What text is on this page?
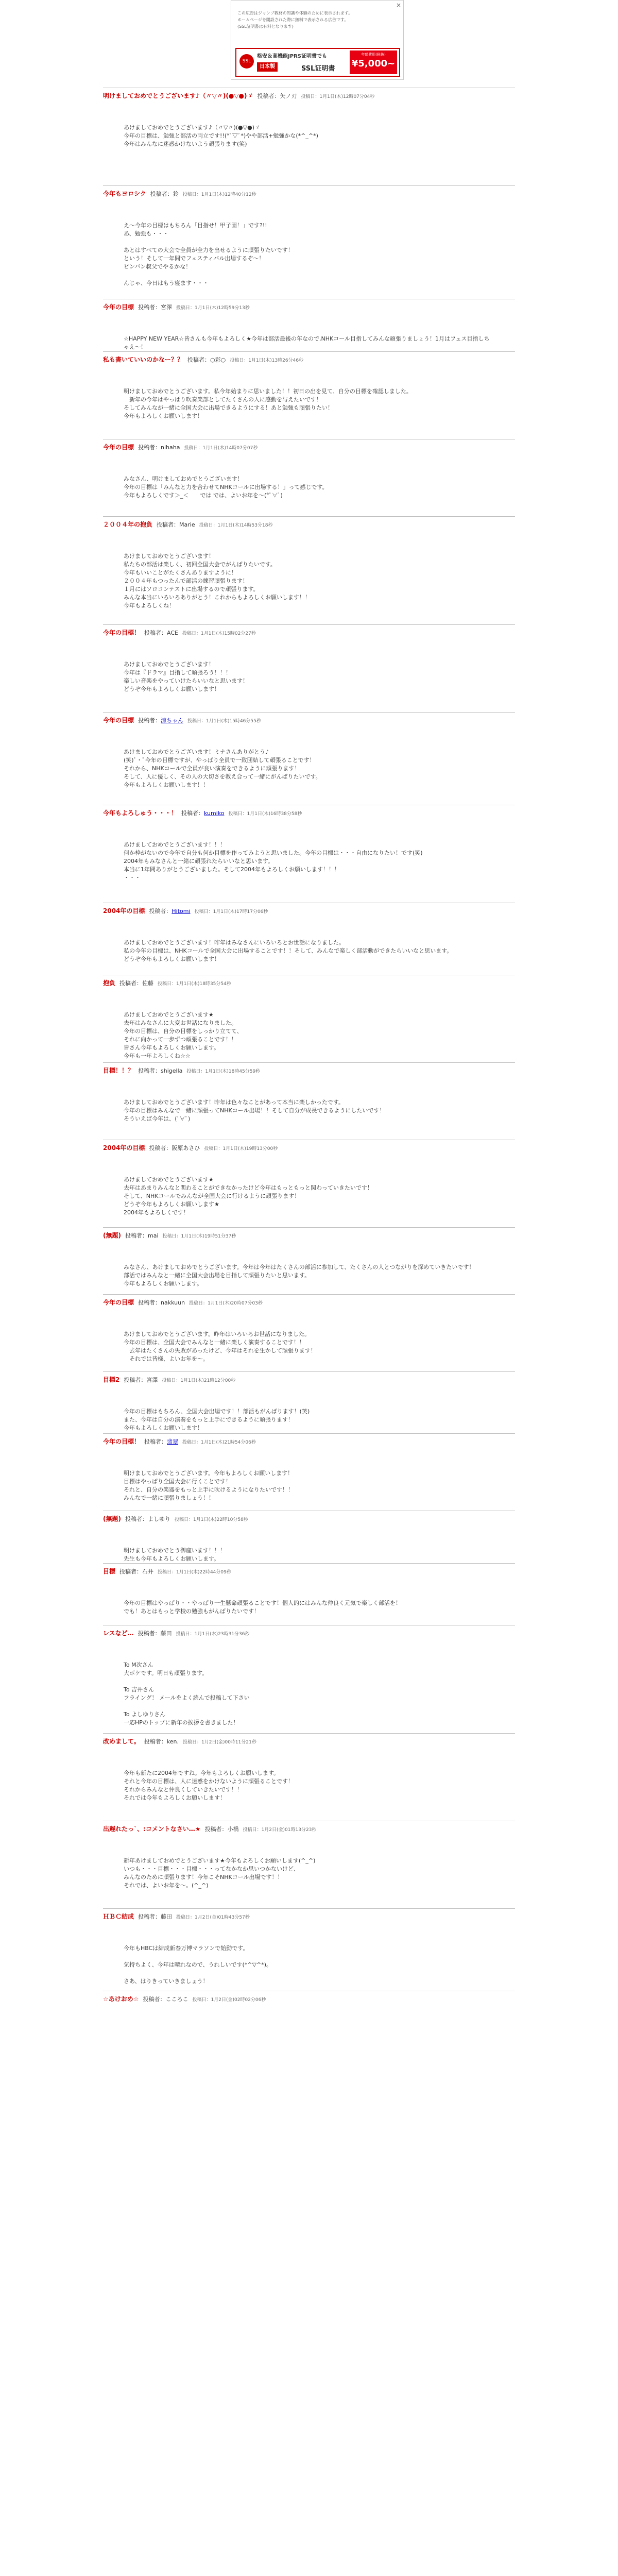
×
この広告はジャンプ教材の知識や体験のために表示されます。
ホームページを開設された際に無料で表示される広告です。
(SSL証明書は有料となります)
SSL
格安＆高機能JPRS证明書でも
日本製	SSL证明書
年額費用(税抜)
¥5,000~
明けましておめでとうございます♪（〃▽〃)(●▽●)ゞ 投稿者：矢ノ刃 投稿日：1月1日(木)12時07分04秒
あけましておめでとうございます♪（〃▽〃)(●▽●)ゞ
今年の目標は、勉強と部活の両立です!!(*ﾟ▽ﾟ*)やや部活+勉強かな(*^_^*)
今年はみんなに迷惑かけないよう頑張ります(笑)
今年もヨロシク 投稿者：鈴 投稿日：1月1日(木)12時40分12秒
え～今年の目標はもちろん「目指せ！甲子園！」です?!!
あ、勉強も・・・

あとはすべての大会で全員が全力を出せるように頑張りたいです！
という！そして一年間でフェスティバル出場するぞ～！
ピンバン叔父でやるかな！

んじゃ、今日はもう寝ます・・・
今年の目標 投稿者：宮澤 投稿日：1月1日(木)12時59分13秒
☆HAPPY NEW YEAR☆皆さんも今年もよろしく★今年は部活最後の年なので,NHKコール目指してみんな頑張りましょう！1月はフェス目指しちゃえ～！
私も書いていいのかなー？？ 投稿者：○彩○ 投稿日：1月1日(木)13時26分46秒
明けましておめでとうございます。私今年始まりに思いました！！初日の出を見て、自分の目標を確認しました。
　新年の今年はやっぱり吹奏楽部としてたくさんの人に感動を与えたいです！
そしてみんなが一緒に全国大会に出場できるようにする！あと勉強も頑張りたい！
今年もよろしくお願いします！
今年の目標 投稿者：nihaha 投稿日：1月1日(木)14時07分07秒
みなさん、明けましておめでとうございます！
今年の目標は「みんなと力を合わせてNHKコールに出場する！」って感じです。
今年もよろしくです＞_＜　　では では、よいお年を～(*ﾟ∀ﾟ)
２００４年の抱負 投稿者：Marie 投稿日：1月1日(木)14時53分18秒
あけましておめでとうございます！
私たちの部活は楽しく、初回全国大会でがんばりたいです。
今年もいいことがたくさんありますように！
２００４年もつったんで部活の練習頑張ります！
１月にはソロコンテストに出場するので頑張ります。
みんな本当にいろいろありがとう！これからもよろしくお願いします！！
今年もよろしくね！
今年の目標！ 投稿者：ACE 投稿日：1月1日(木)15時02分27秒
あけましておめでとうございます！
今年は『ドラマ』目指して頑張ろう！！！
楽しい音楽をやっていけたらいいなと思います！
どうぞ今年もよろしくお願いします！
今年の目標 投稿者：涼ちゃん 投稿日：1月1日(木)15時46分55秒
あけましておめでとうございます！ミナさんありがとう♪
(笑)ﾟ・ﾟ今年の目標ですが、やっぱり全員で一致団結して頑張ることです！
それから、NHKコールで全員が良い演奏をできるように頑張ります！
そして、人に優しく、その人の大切さを教え合って一緒にがんばりたいです。
今年もよろしくお願いします！！
今年もよろしゅう・・・！ 投稿者：kumiko 投稿日：1月1日(木)16時38分58秒
あけましておめでとうございます！！！
何か枠がないので今年で自分も何か目標を作ってみようと思いました。今年の目標は・・・自由になりたい！です(笑)
2004年もみなさんと一緒に頑張れたらいいなと思います。
本当に1年間ありがとうございました。そして2004年もよろしくお願いします！！！
・・・
2004年の目標 投稿者：Hitomi 投稿日：1月1日(木)17時17分06秒
あけましておめでとうございます！昨年はみなさんにいろいろとお世話になりました。
私の今年の目標は、NHKコールで全国大会に出場することです！！そして、みんなで楽しく部活動ができたらいいなと思います。
どうぞ今年もよろしくお願いします！
抱負 投稿者：佐藤 投稿日：1月1日(木)18時35分54秒
あけましておめでとうございます★
去年はみなさんに大変お世話になりました。
今年の目標は、自分の目標をしっかり立てて、
それに向かって一歩ずつ頑張ることです！！
皆さん今年もよろしくお願いします。
今年も一年よろしくね☆☆
目標！！？ 投稿者：shigella 投稿日：1月1日(木)18時45分59秒
あけましておめでとうございます！昨年は色々なことがあって本当に楽しかったです。
今年の目標はみんなで一緒に頑張ってNHKコール出場！！そして自分が成長できるようにしたいです！
そういえば今年は、(ﾟ∀ﾟ)
2004年の目標 投稿者：阪原あさひ 投稿日：1月1日(木)19時13分00秒
あけましておめでとうございます★
去年はあまりみんなと関わることができなかったけど今年はもっともっと関わっていきたいです！
そして、NHKコールでみんなが全国大会に行けるように頑張ります！
どうぞ今年もよろしくお願いします★
2004年もよろしくです！
(無題) 投稿者：mai 投稿日：1月1日(木)19時51分37秒
みなさん、あけましておめでとうございます。今年は今年はたくさんの部活に参加して、たくさんの人とつながりを深めていきたいです！
部活ではみんなと一緒に全国大会出場を目指して頑張りたいと思います。
今年もよろしくお願いします。
今年の目標 投稿者：nakkuun 投稿日：1月1日(木)20時07分03秒
あけましておめでとうございます。昨年はいろいろお世話になりました。
今年の目標は、全国大会でみんなと一緒に楽しく演奏することです！！
　去年はたくさんの失敗があったけど、今年はそれを生かして頑張ります！
　それでは皆様、よいお年を～。
目標2 投稿者：宮澤 投稿日：1月1日(木)21時12分00秒
今年の目標はもちろん、全国大会出場です！！部活もがんばります！(笑)
また、今年は自分の演奏をもっと上手にできるように頑張ります！
今年もよろしくお願いします！
今年の目標！ 投稿者：翡翠 投稿日：1月1日(木)21時54分06秒
明けましておめでとうございます。今年もよろしくお願いします！
目標はやっぱり全国大会に行くことです！
それと、自分の楽器をもっと上手に吹けるようになりたいです！！
みんなで一緒に頑張りましょう！！
(無題) 投稿者：よしゆり 投稿日：1月1日(木)22時10分58秒
明けましておめでとう御座います！！！
先生も今年もよろしくお願いします。
目標 投稿者：石井 投稿日：1月1日(木)22時44分09秒
今年の目標はやっぱり・・やっぱり一生懸命頑張ることです！個人的にはみんな仲良く元気で楽しく部活を！
でも！あとはもっと学校の勉強もがんばりたいです！
レスなど… 投稿者：藤田 投稿日：1月1日(木)23時31分36秒
To M次さん
大ボケです。明日も頑張ります。

To 吉井さん
フライング！ メールをよく読んで投稿して下さい

To よしゆりさん
一応HPのトップに新年の挨拶を書きました！
改めまして。 投稿者：ken. 投稿日：1月2日(金)00時11分21秒
今年も新たに2004年ですね。今年もよろしくお願いします。
それと今年の目標は、人に迷惑をかけないように頑張ることです！
それからみんなと仲良くしていきたいです！！
それでは今年もよろしくお願いします！
出遅れたっ`、:コメントなさい…★ 投稿者：小橋 投稿日：1月2日(金)01時13分23秒
新年あけましておめでとうございます★今年もよろしくお願いします(^_^)
いつも・・・目標・・・目標・・・ってなかなか思いつかないけど、
みんなのために頑張ります！今年こそNHKコール出場です！！
それでは、よいお年を～。(^_^)
ＨＢＣ結成 投稿者：藤田 投稿日：1月2日(金)01時43分57秒
今年もHBCは結成新春万博マラソンで始動です。

気持ちよく、今年は晴れなので、うれしいです(*^▽^*)。

さあ、はりきっていきましょう！
☆あけおめ☆ 投稿者：こころこ 投稿日：1月2日(金)02時02分06秒
